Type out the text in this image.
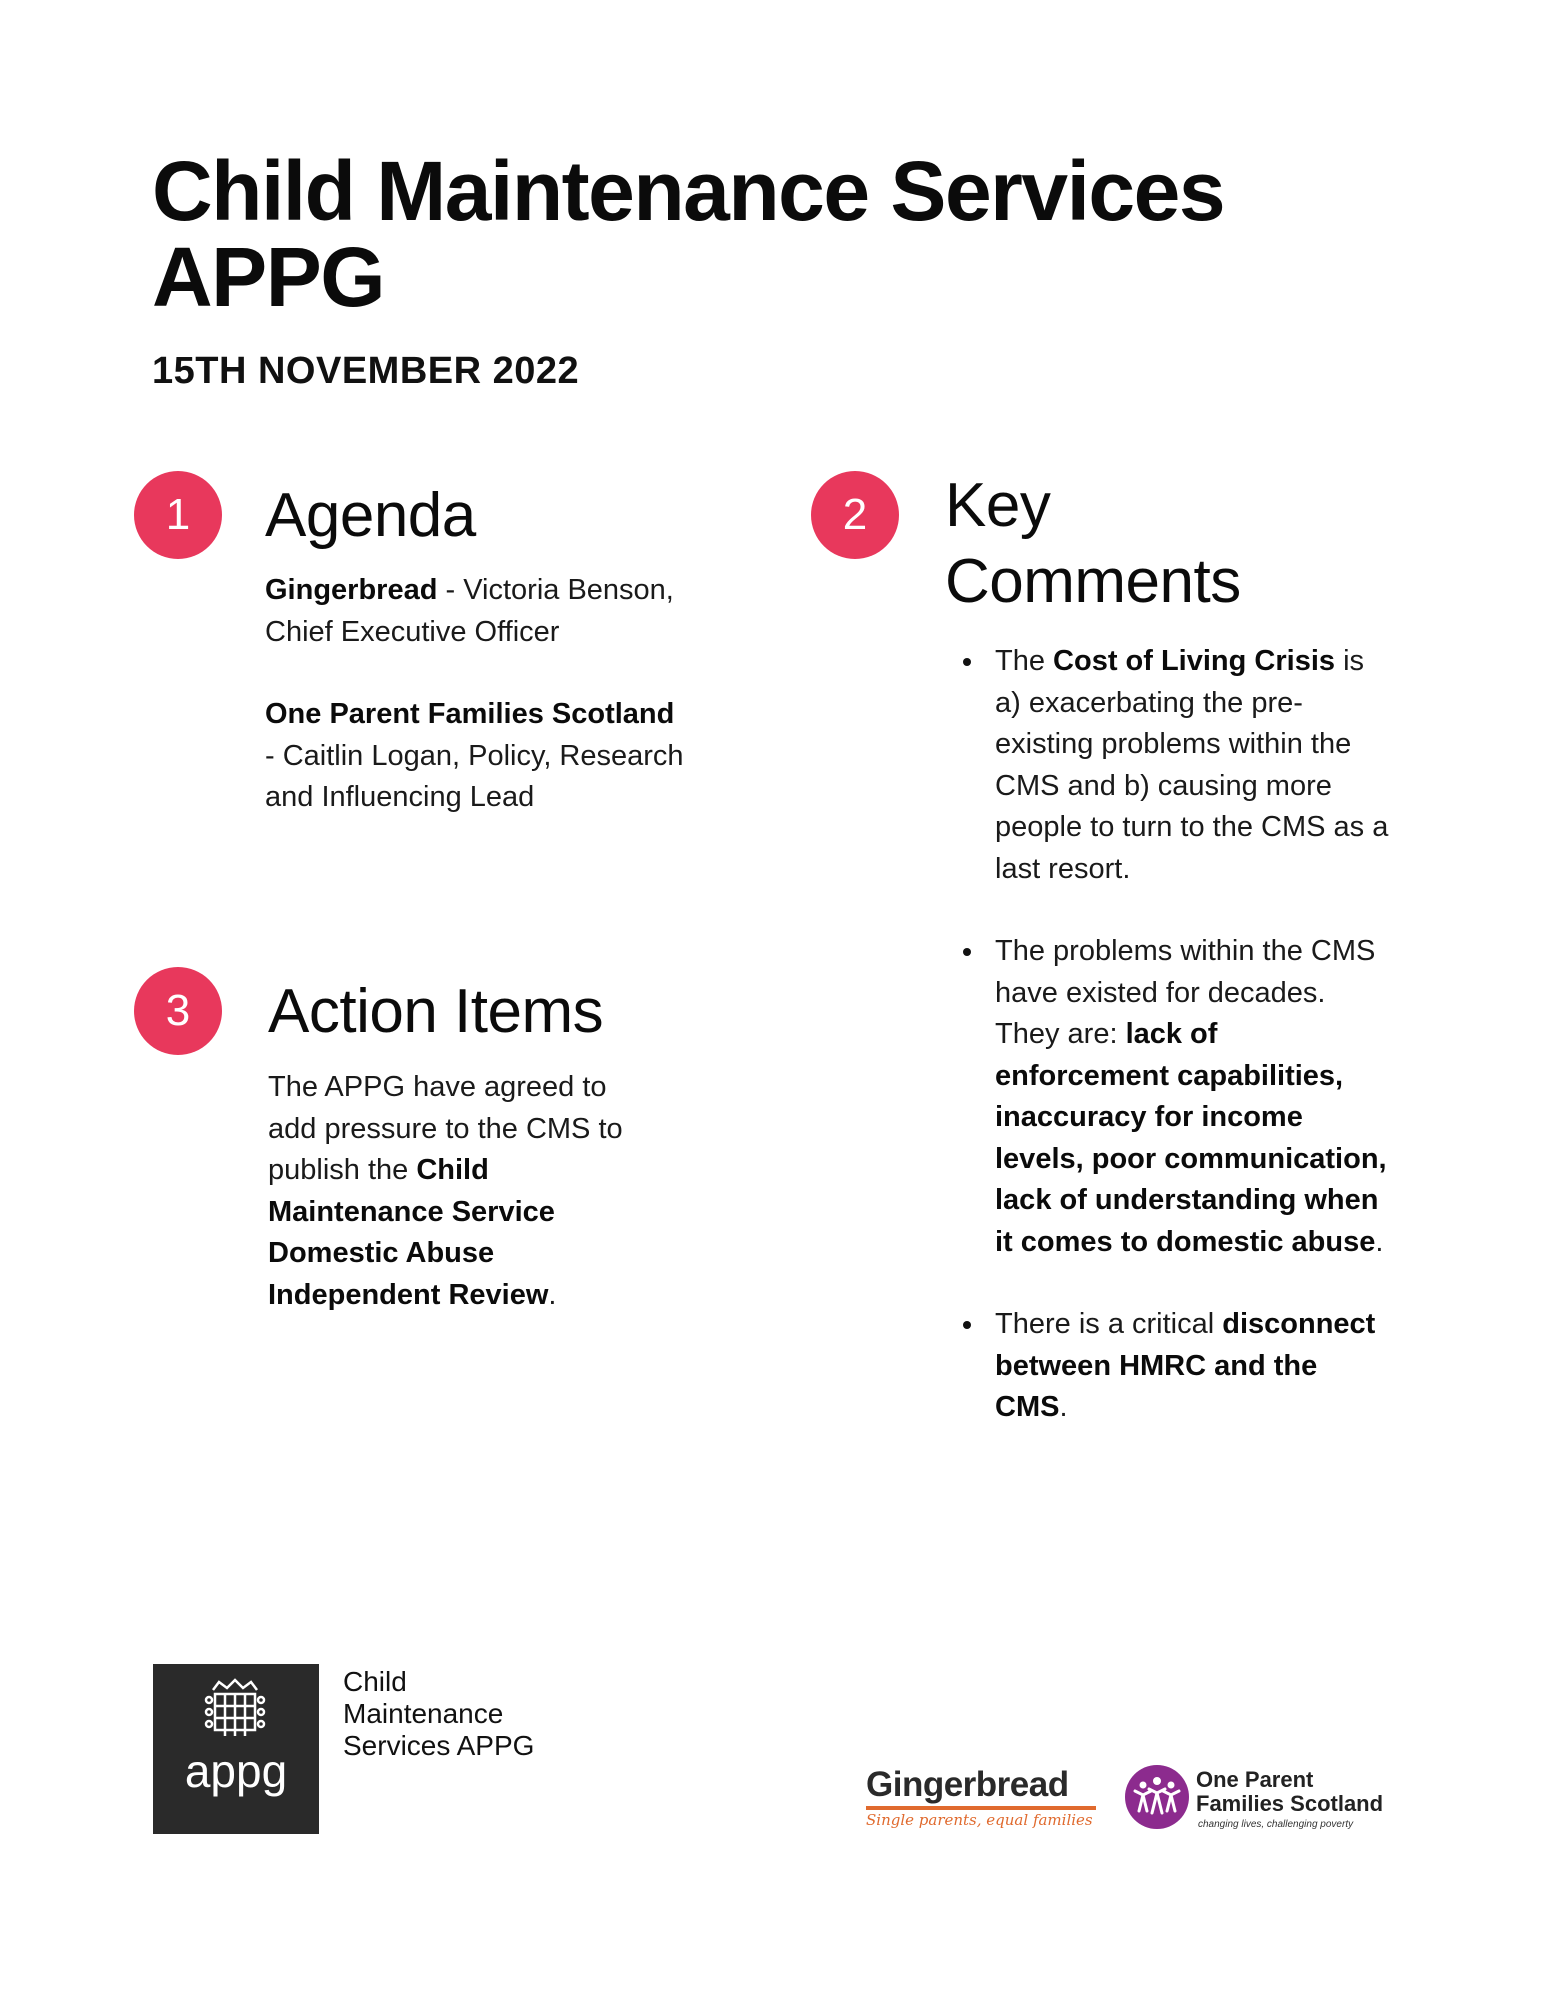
Child Maintenance Services APPG
15TH NOVEMBER 2022
1	Agenda
Gingerbread - Victoria Benson, Chief Executive Officer
One Parent Families Scotland
- Caitlin Logan, Policy, Research and Influencing Lead
2	Key Comments
The Cost of Living Crisis is a) exacerbating the pre-existing problems within the CMS and b) causing more people to turn to the CMS as a last resort.
The problems within the CMS have existed for decades. They are: lack of enforcement capabilities, inaccuracy for income levels, poor communication, lack of understanding when it comes to domestic abuse.
There is a critical disconnect between HMRC and the CMS.
3	Action Items
The APPG have agreed to add pressure to the CMS to publish the Child Maintenance Service Domestic Abuse Independent Review.
appg
Child
Maintenance
Services APPG
Gingerbread
Single parents, equal families
One Parent
Families Scotland
changing lives, challenging poverty
